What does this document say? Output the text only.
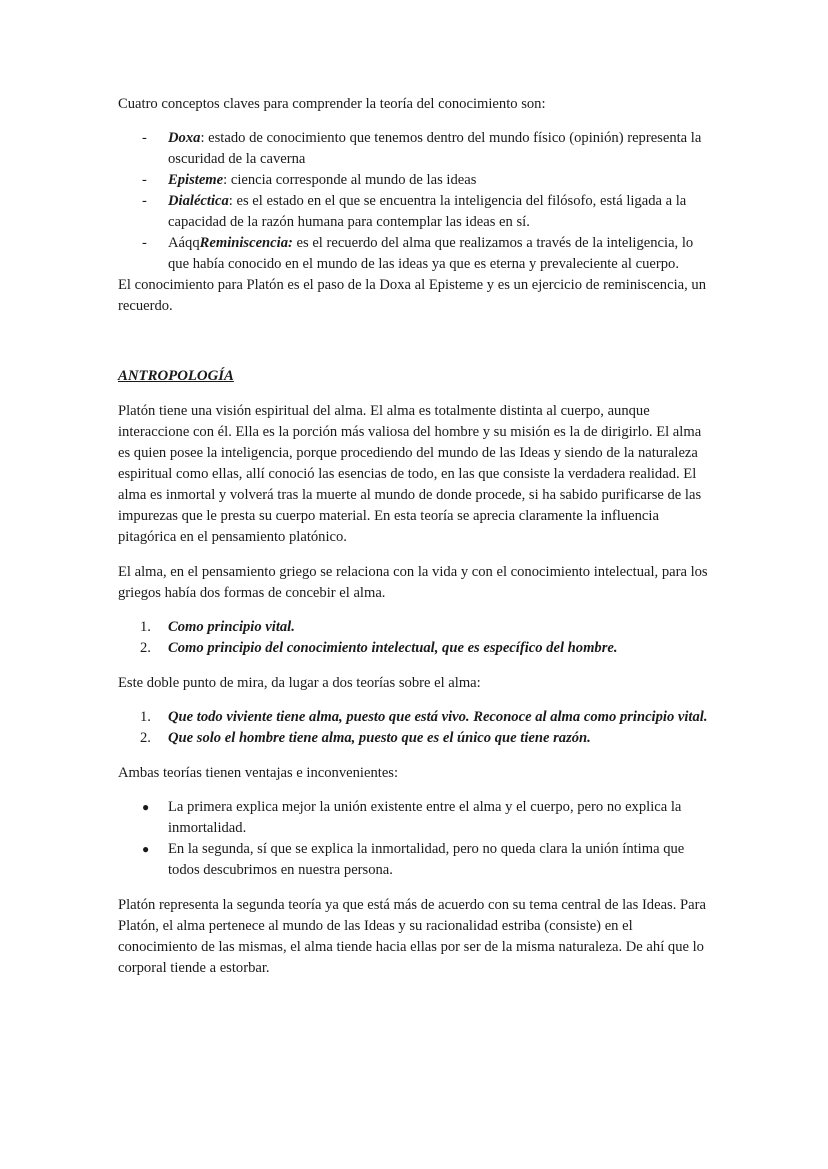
Cuatro conceptos claves para comprender la teoría del conocimiento son:

- Doxa: estado de conocimiento que tenemos dentro del mundo físico (opinión) representa la oscuridad de la caverna
- Episteme: ciencia corresponde al mundo de las ideas
- Dialéctica: es el estado en el que se encuentra la inteligencia del filósofo, está ligada a la capacidad de la razón humana para contemplar las ideas en sí.
- AáqqReminiscencia: es el recuerdo del alma que realizamos a través de la inteligencia, lo que había conocido en el mundo de las ideas ya que es eterna y prevaleciente al cuerpo.

El conocimiento para Platón es el paso de la Doxa al Episteme y es un ejercicio de reminiscencia, un recuerdo.

ANTROPOLOGÍA

Platón tiene una visión espiritual del alma. El alma es totalmente distinta al cuerpo, aunque interaccione con él. Ella es la porción más valiosa del hombre y su misión es la de dirigirlo. El alma es quien posee la inteligencia, porque procediendo del mundo de las Ideas y siendo de la naturaleza espiritual como ellas, allí conoció las esencias de todo, en las que consiste la verdadera realidad. El alma es inmortal y volverá tras la muerte al mundo de donde procede, si ha sabido purificarse de las impurezas que le presta su cuerpo material. En esta teoría se aprecia claramente la influencia pitagórica en el pensamiento platónico.

El alma, en el pensamiento griego se relaciona con la vida y con el conocimiento intelectual, para los griegos había dos formas de concebir el alma.

1. Como principio vital.
2. Como principio del conocimiento intelectual, que es específico del hombre.

Este doble punto de mira, da lugar a dos teorías sobre el alma:

1. Que todo viviente tiene alma, puesto que está vivo. Reconoce al alma como principio vital.
2. Que solo el hombre tiene alma, puesto que es el único que tiene razón.

Ambas teorías tienen ventajas e inconvenientes:

● La primera explica mejor la unión existente entre el alma y el cuerpo, pero no explica la inmortalidad.
● En la segunda, sí que se explica la inmortalidad, pero no queda clara la unión íntima que todos descubrimos en nuestra persona.

Platón representa la segunda teoría ya que está más de acuerdo con su tema central de las Ideas. Para Platón, el alma pertenece al mundo de las Ideas y su racionalidad estriba (consiste) en el conocimiento de las mismas, el alma tiende hacia ellas por ser de la misma naturaleza. De ahí que lo corporal tiende a estorbar.
